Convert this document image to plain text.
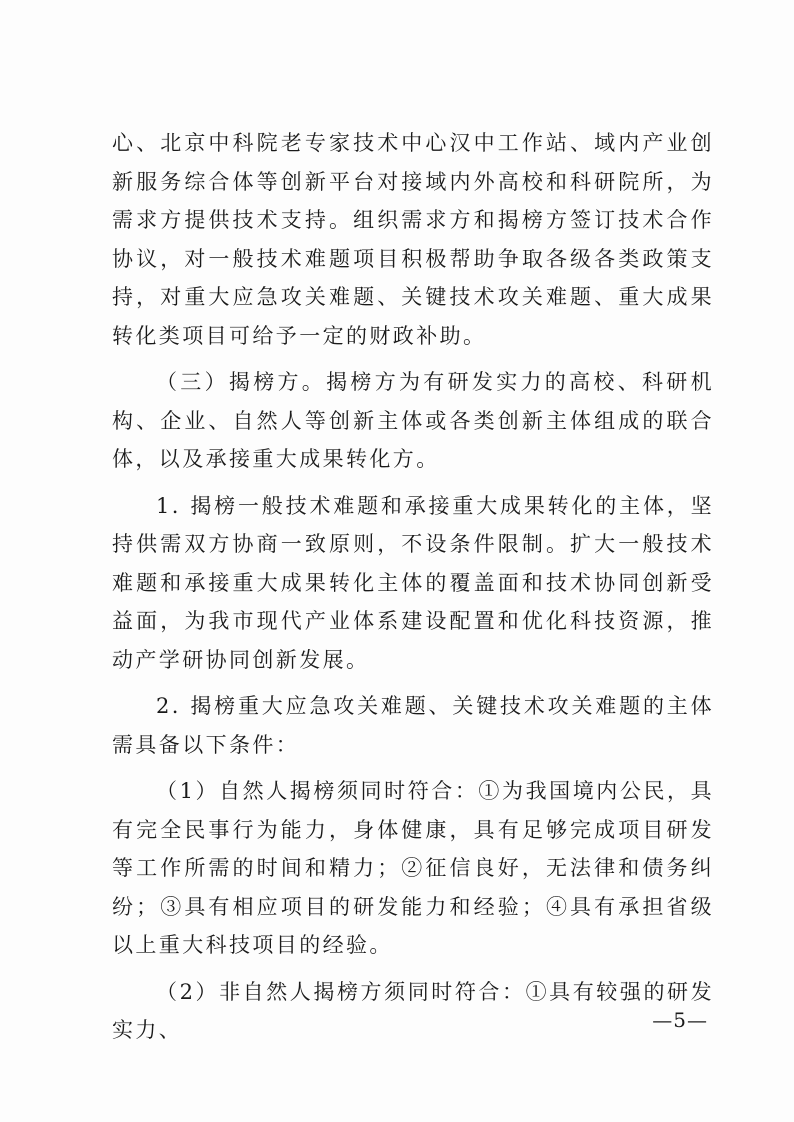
心、北京中科院老专家技术中心汉中工作站、域内产业创新服务综合体等创新平台对接域内外高校和科研院所，为需求方提供技术支持。组织需求方和揭榜方签订技术合作协议，对一般技术难题项目积极帮助争取各级各类政策支持，对重大应急攻关难题、关键技术攻关难题、重大成果转化类项目可给予一定的财政补助。

（三）揭榜方。揭榜方为有研发实力的高校、科研机构、企业、自然人等创新主体或各类创新主体组成的联合体，以及承接重大成果转化方。

1. 揭榜一般技术难题和承接重大成果转化的主体，坚持供需双方协商一致原则，不设条件限制。扩大一般技术难题和承接重大成果转化主体的覆盖面和技术协同创新受益面，为我市现代产业体系建设配置和优化科技资源，推动产学研协同创新发展。

2. 揭榜重大应急攻关难题、关键技术攻关难题的主体需具备以下条件：

（1）自然人揭榜须同时符合：①为我国境内公民，具有完全民事行为能力，身体健康，具有足够完成项目研发等工作所需的时间和精力；②征信良好，无法律和债务纠纷；③具有相应项目的研发能力和经验；④具有承担省级以上重大科技项目的经验。

（2）非自然人揭榜方须同时符合：①具有较强的研发实力、	—5—
